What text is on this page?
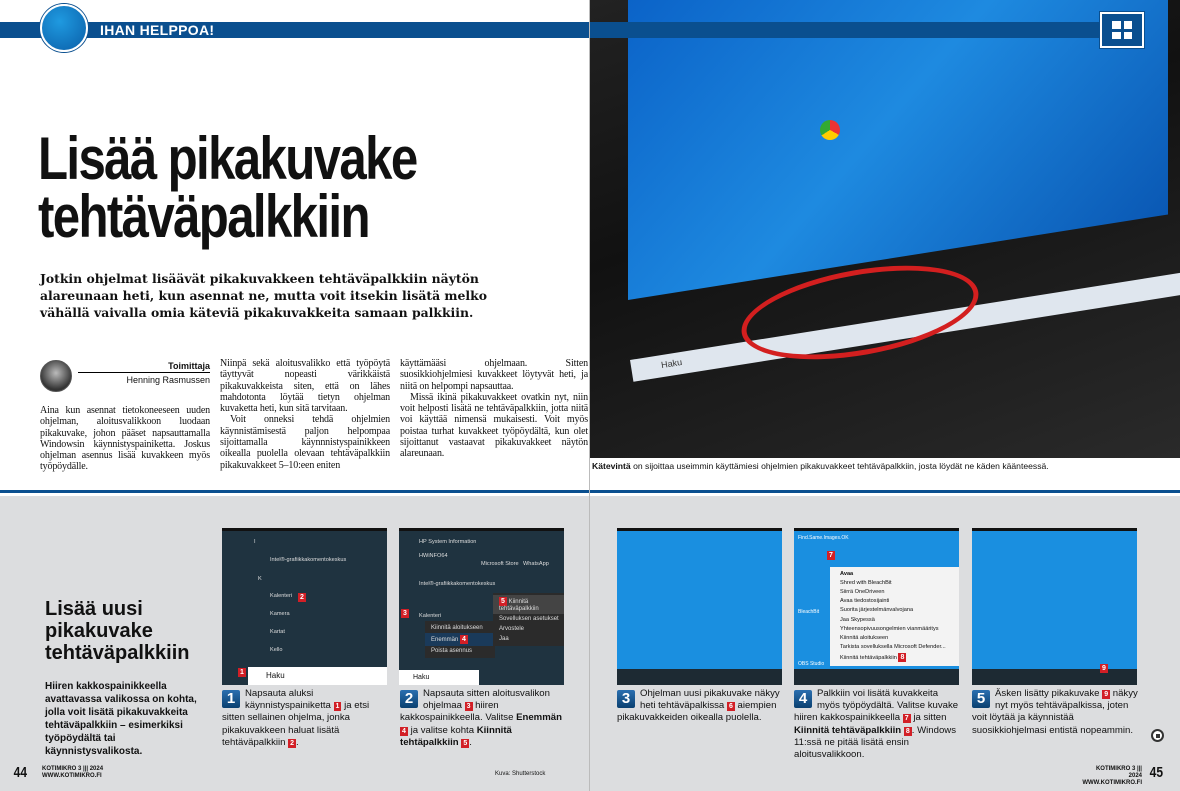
Haku
IHAN HELPPOA!
Lisää pikakuvake
tehtäväpalkkiin
Jotkin ohjelmat lisäävät pikakuvakkeen tehtäväpalkkiin näytön alareunaan heti, kun asennat ne, mutta voit itsekin lisätä melko vähällä vaivalla omia käteviä pikakuvakkeita samaan palkkiin.
Toimittaja
Henning Rasmussen

Aina kun asennat tietokoneeseen uuden ohjelman, aloitusvalikkoon luodaan pikakuvake, johon pääset napsauttamalla Windowsin käynnistyspainiketta. Joskus ohjelman asennus lisää kuvakkeen myös työpöydälle.

Niinpä sekä aloitusvalikko että työpöytä täyttyvät nopeasti värikkäistä pikakuvakkeista siten, että on lähes mahdotonta löytää tietyn ohjelman kuvaketta heti, kun sitä tarvitaan.

Voit onneksi tehdä ohjelmien käynnistämisestä paljon helpompaa sijoittamalla käynnnistyspainikkeen oikealla puolella olevaan tehtäväpalkkiin pikakuvakkeet 5–10:een eniten

käyttämääsi ohjelmaan. Sitten suosikkiohjelmiesi kuvakkeet löytyvät heti, ja niitä on helpompi napsauttaa.

Missä ikinä pikakuvakkeet ovatkin nyt, niin voit helposti lisätä ne tehtäväpalkkiin, jotta niitä voi käyttää nimensä mukaisesti. Voit myös poistaa turhat kuvakkeet työpöydältä, kun olet sijoittanut vastaavat pikakuvakkeet näytön alareunaan.

Kätevintä on sijoittaa useimmin käyttämiesi ohjelmien pikakuvakkeet tehtäväpalkkiin, josta löydät ne käden käänteessä.
Lisää uusi pikakuvake tehtäväpalkkiin
Hiiren kakkospainikkeella avattavassa valikossa on kohta, jolla voit lisätä pikakuvakkeita tehtäväpalkkiin – esimerkiksi työpöydältä tai käynnistysvalikosta.
I
Intel®-grafiikkakomentokeskus
K
Kalenteri
Kamera
Kartat
Kello
2
Haku
1
HP System Information
HWiNFO64
Intel®-grafiikkakomentokeskus
Kalenteri
Microsoft Store WhatsApp
Kiinnitä aloitukseen
Enemmän 4
Poista asennus
5 Kiinnitä tehtäväpalkkiin
Sovelluksen asetukset
Arvostele
Jaa
3
Haku
Find.Same.Images.OK
7
BleachBit
OBS Studio
Avaa
Shred with BleachBit
Siirrä OneDriveen
Avaa tiedostosijainti
Suorita järjestelmänvalvojana
Jaa Skypessä
Yhteensopivuusongelmien vianmääritys
Kiinnitä aloitukseen
Tarkista sovelluksella Microsoft Defender...
Kiinnitä tehtäväpalkkiin 8
9
1	Napsauta aluksi käynnistyspainiketta 1 ja etsi sitten sellainen ohjelma, jonka pikakuvakkeen haluat lisätä tehtäväpalkkiin 2 .
2	Napsauta sitten aloitusvalikon ohjelmaa 3 hiiren kakkospainikkeella. Valitse Enemmän 4 ja valitse kohta Kiinnitä tehtäpalkkiin 5 .
3	Ohjelman uusi pikakuvake näkyy heti tehtäväpalkissa 6 aiempien pikakuvakkeiden oikealla puolella.
4	Palkkiin voi lisätä kuvakkeita myös työpöydältä. Valitse kuvake hiiren kakkospainikkeella 7 ja sitten Kiinnitä tehtäväpalkkiin 8 . Windows 11:ssä ne pitää lisätä ensin aloitusvalikkoon.
5	Äsken lisätty pikakuvake 9 näkyy nyt myös tehtäväpalkissa, joten voit löytää ja käynnistää suosikkiohjelmasi entistä nopeammin.
44 KOTIMIKRO 3 ||| 2024
WWW.KOTIMIKRO.FI	Kuva: Shutterstock
KOTIMIKRO 3 ||| 2024
WWW.KOTIMIKRO.FI
45
